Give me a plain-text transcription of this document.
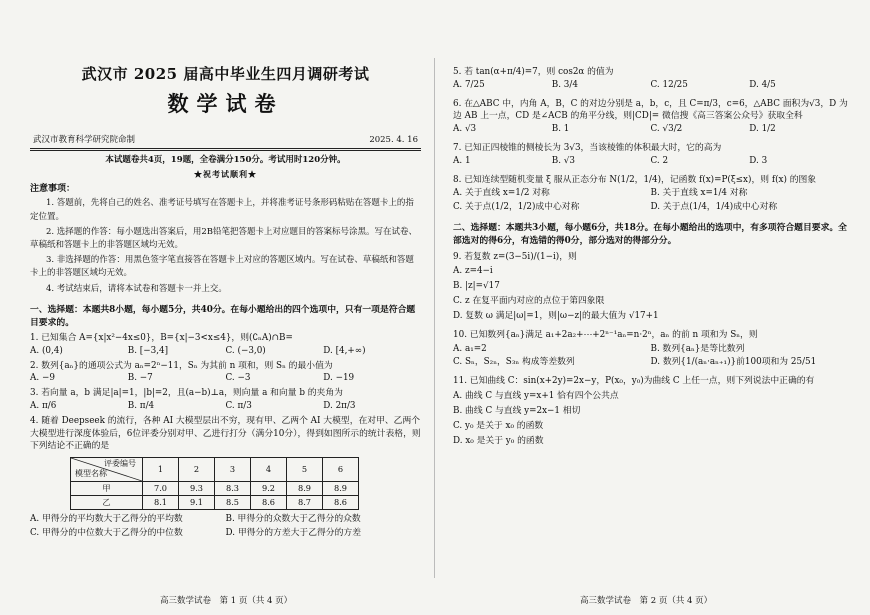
武汉市 2025 届高中毕业生四月调研考试
数学试卷
武汉市教育科学研究院命制	2025. 4. 16
本试题卷共4页，19题，全卷满分150分。考试用时120分钟。
★祝考试顺利★
注意事项：
1. 答题前，先将自己的姓名、准考证号填写在答题卡上，并将准考证号条形码粘贴在答题卡上的指定位置。
2. 选择题的作答：每小题选出答案后，用2B铅笔把答题卡上对应题目的答案标号涂黑。写在试卷、草稿纸和答题卡上的非答题区域均无效。
3. 非选择题的作答：用黑色签字笔直接答在答题卡上对应的答题区域内。写在试卷、草稿纸和答题卡上的非答题区域均无效。
4. 考试结束后，请将本试卷和答题卡一并上交。
一、选择题：本题共8小题，每小题5分，共40分。在每小题给出的四个选项中，只有一项是符合题目要求的。
1. 已知集合 A={x|x²−4x≤0}，B={x|−3<x≤4}，则(∁ₙA)∩B=
A. (0,4)	B. [−3,4]	C. (−3,0)	D. [4,+∞)
2. 数列{aₙ}的通项公式为 aₙ=2ⁿ−11，Sₙ 为其前 n 项和，则 Sₙ 的最小值为
A. −9	B. −7	C. −3	D. −19
3. 若向量 a，b 满足|a|=1，|b|=2，且(a−b)⊥a，则向量 a 和向量 b 的夹角为
A. π/6	B. π/4	C. π/3	D. 2π/3
4. 随着 Deepseek 的流行，各种 AI 大模型层出不穷，现有甲、乙两个 AI 大模型，在对甲、乙两个大模型进行深度体验后，6位评委分别对甲、乙进行打分（满分10分），得到如图所示的统计表格，则下列结论不正确的是
评委编号
模型名称	1	2	3	4	5	6
甲	7.0	9.3	8.3	9.2	8.9	8.9
乙	8.1	9.1	8.5	8.6	8.7	8.6
A. 甲得分的平均数大于乙得分的平均数	B. 甲得分的众数大于乙得分的众数
C. 甲得分的中位数大于乙得分的中位数	D. 甲得分的方差大于乙得分的方差
高三数学试卷　第 1 页（共 4 页）
5. 若 tan(α+π/4)=7，则 cos2α 的值为
A. 7/25	B. 3/4	C. 12/25	D. 4/5
6. 在△ABC 中，内角 A，B，C 的对边分别是 a，b，c，且 C=π/3，c=6，△ABC 面积为√3，D 为边 AB 上一点，CD 是∠ACB 的角平分线，则|CD|= 微信搜《高三答案公众号》获取全科
A. √3	B. 1	C. √3/2	D. 1/2
7. 已知正四棱锥的侧棱长为 3√3，当该棱锥的体积最大时，它的高为
A. 1	B. √3	C. 2	D. 3
8. 已知连续型随机变量 ξ 服从正态分布 N(1/2，1/4)，记函数 f(x)=P(ξ≤x)，则 f(x) 的图象
A. 关于直线 x=1/2 对称	B. 关于直线 x=1/4 对称
C. 关于点(1/2，1/2)成中心对称	D. 关于点(1/4，1/4)成中心对称
二、选择题：本题共3小题，每小题6分，共18分。在每小题给出的选项中，有多项符合题目要求。全部选对的得6分，有选错的得0分，部分选对的得部分分。
9. 若复数 z=(3−5i)/(1−i)，则
A. z=4−i
B. |z|=√17
C. z 在复平面内对应的点位于第四象限
D. 复数 ω 满足|ω|=1，则|ω−z|的最大值为 √17+1
10. 已知数列{aₙ}满足 a₁+2a₂+⋯+2ⁿ⁻¹aₙ=n·2ⁿ，aₙ 的前 n 项和为 Sₙ，则
A. a₁=2	B. 数列{aₙ}是等比数列
C. Sₙ，S₂ₙ，S₃ₙ 构成等差数列	D. 数列{1/(aₙ·aₙ₊₁)}前100项和为 25/51
11. 已知曲线 C：sin(x+2y)=2x−y，P(x₀，y₀)为曲线 C 上任一点，则下列说法中正确的有
A. 曲线 C 与直线 y=x+1 恰有四个公共点
B. 曲线 C 与直线 y=2x−1 相切
C. y₀ 是关于 x₀ 的函数
D. x₀ 是关于 y₀ 的函数
高三数学试卷　第 2 页（共 4 页）
